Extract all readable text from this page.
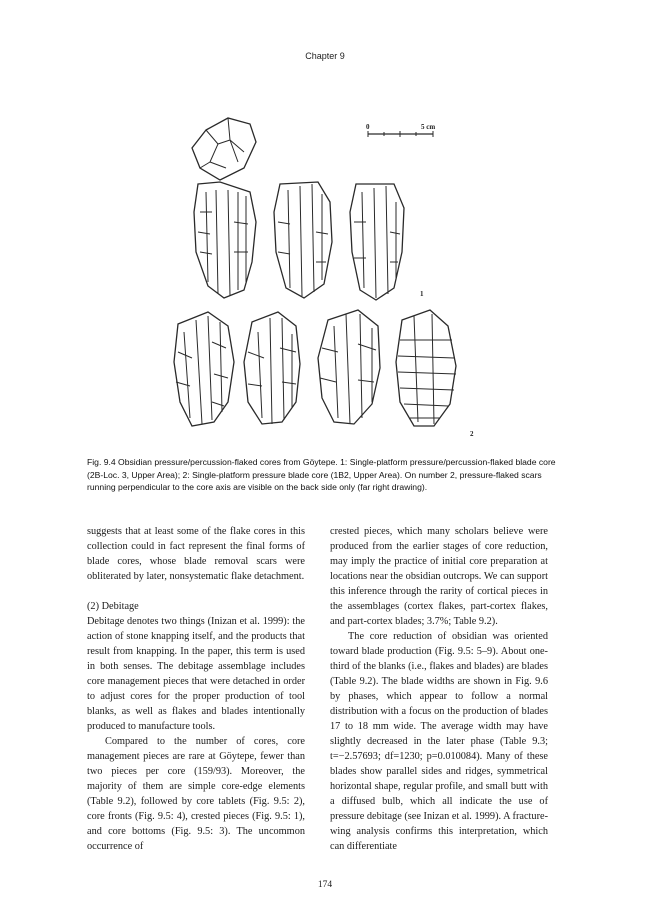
Chapter 9
0	5 cm
1
2
Fig. 9.4 Obsidian pressure/percussion-flaked cores from Göytepe. 1: Single-platform pressure/percussion-flaked blade core (2B-Loc. 3, Upper Area); 2: Single-platform pressure blade core (1B2, Upper Area). On number 2, pressure-flaked scars running perpendicular to the core axis are visible on the back side only (far right drawing).

suggests that at least some of the flake cores in this collection could in fact represent the final forms of blade cores, whose blade removal scars were obliterated by later, nonsystematic flake detachment.

(2) Debitage

Debitage denotes two things (Inizan et al. 1999): the action of stone knapping itself, and the products that result from knapping. In the paper, this term is used in both senses. The debitage assemblage includes core management pieces that were detached in order to adjust cores for the proper production of tool blanks, as well as flakes and blades intentionally produced to manufacture tools.

Compared to the number of cores, core management pieces are rare at Göytepe, fewer than two pieces per core (159/93). Moreover, the majority of them are simple core-edge elements (Table 9.2), followed by core tablets (Fig. 9.5: 2), core fronts (Fig. 9.5: 4), crested pieces (Fig. 9.5: 1), and core bottoms (Fig. 9.5: 3). The uncommon occurrence of

crested pieces, which many scholars believe were produced from the earlier stages of core reduction, may imply the practice of initial core preparation at locations near the obsidian outcrops. We can support this inference through the rarity of cortical pieces in the assemblages (cortex flakes, part-cortex flakes, and part-cortex blades; 3.7%; Table 9.2).

The core reduction of obsidian was oriented toward blade production (Fig. 9.5: 5–9). About one-third of the blanks (i.e., flakes and blades) are blades (Table 9.2). The blade widths are shown in Fig. 9.6 by phases, which appear to follow a normal distribution with a focus on the production of blades 17 to 18 mm wide. The average width may have slightly decreased in the later phase (Table 9.3; t=−2.57693; df=1230; p=0.010084). Many of these blades show parallel sides and ridges, symmetrical horizontal shape, regular profile, and small butt with a diffused bulb, which all indicate the use of pressure debitage (see Inizan et al. 1999). A fracture-wing analysis confirms this interpretation, which can differentiate

174
